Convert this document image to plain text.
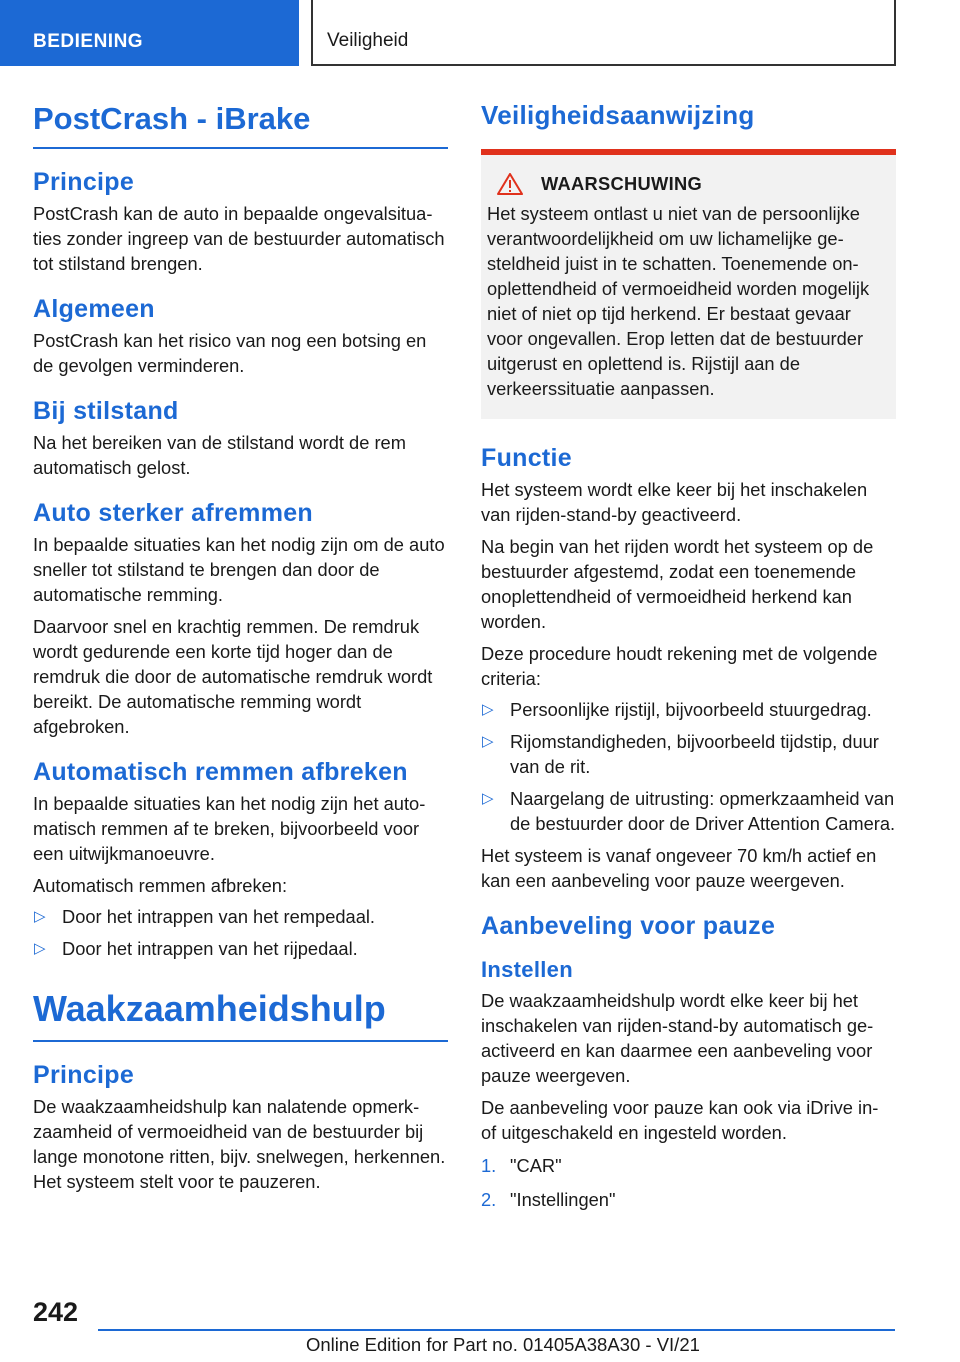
BEDIENING	Veiligheid
PostCrash - iBrake
Principe

PostCrash kan de auto in bepaalde ongevalsituaties zonder ingreep van de bestuurder automatisch tot stilstand brengen.

Algemeen

PostCrash kan het risico van nog een botsing en de gevolgen verminderen.

Bij stilstand

Na het bereiken van de stilstand wordt de rem automatisch gelost.

Auto sterker afremmen

In bepaalde situaties kan het nodig zijn om de auto sneller tot stilstand te brengen dan door de automatische remming.

Daarvoor snel en krachtig remmen. De remdruk wordt gedurende een korte tijd hoger dan de remdruk die door de automatische remdruk wordt bereikt. De automatische remming wordt afgebroken.

Automatisch remmen afbreken

In bepaalde situaties kan het nodig zijn het automatisch remmen af te breken, bijvoorbeeld voor een uitwijkmanoeuvre.

Automatisch remmen afbreken:

▷ Door het intrappen van het rempedaal.
▷ Door het intrappen van het rijpedaal.
Waakzaamheidshulp
Principe

De waakzaamheidshulp kan nalatende opmerkzaamheid of vermoeidheid van de bestuurder bij lange monotone ritten, bijv. snelwegen, herkennen. Het systeem stelt voor te pauzeren.

Veiligheidsaanwijzing
WAARSCHUWING

Het systeem ontlast u niet van de persoonlijke verantwoordelijkheid om uw lichamelijke gesteldheid juist in te schatten. Toenemende onoplettendheid of vermoeidheid worden mogelijk niet of niet op tijd herkend. Er bestaat gevaar voor ongevallen. Erop letten dat de bestuurder uitgerust en oplettend is. Rijstijl aan de verkeerssituatie aanpassen.

Functie

Het systeem wordt elke keer bij het inschakelen van rijden-stand-by geactiveerd.

Na begin van het rijden wordt het systeem op de bestuurder afgestemd, zodat een toenemende onoplettendheid of vermoeidheid herkend kan worden.

Deze procedure houdt rekening met de volgende criteria:

▷ Persoonlijke rijstijl, bijvoorbeeld stuurgedrag.
▷ Rijomstandigheden, bijvoorbeeld tijdstip, duur van de rit.
▷ Naargelang de uitrusting: opmerkzaamheid van de bestuurder door de Driver Attention Camera.

Het systeem is vanaf ongeveer 70 km/h actief en kan een aanbeveling voor pauze weergeven.

Aanbeveling voor pauze
Instellen

De waakzaamheidshulp wordt elke keer bij het inschakelen van rijden-stand-by automatisch geactiveerd en kan daarmee een aanbeveling voor pauze weergeven.

De aanbeveling voor pauze kan ook via iDrive in- of uitgeschakeld en ingesteld worden.

1. "CAR"
2. "Instellingen"
242
Online Edition for Part no. 01405A38A30 - VI/21
